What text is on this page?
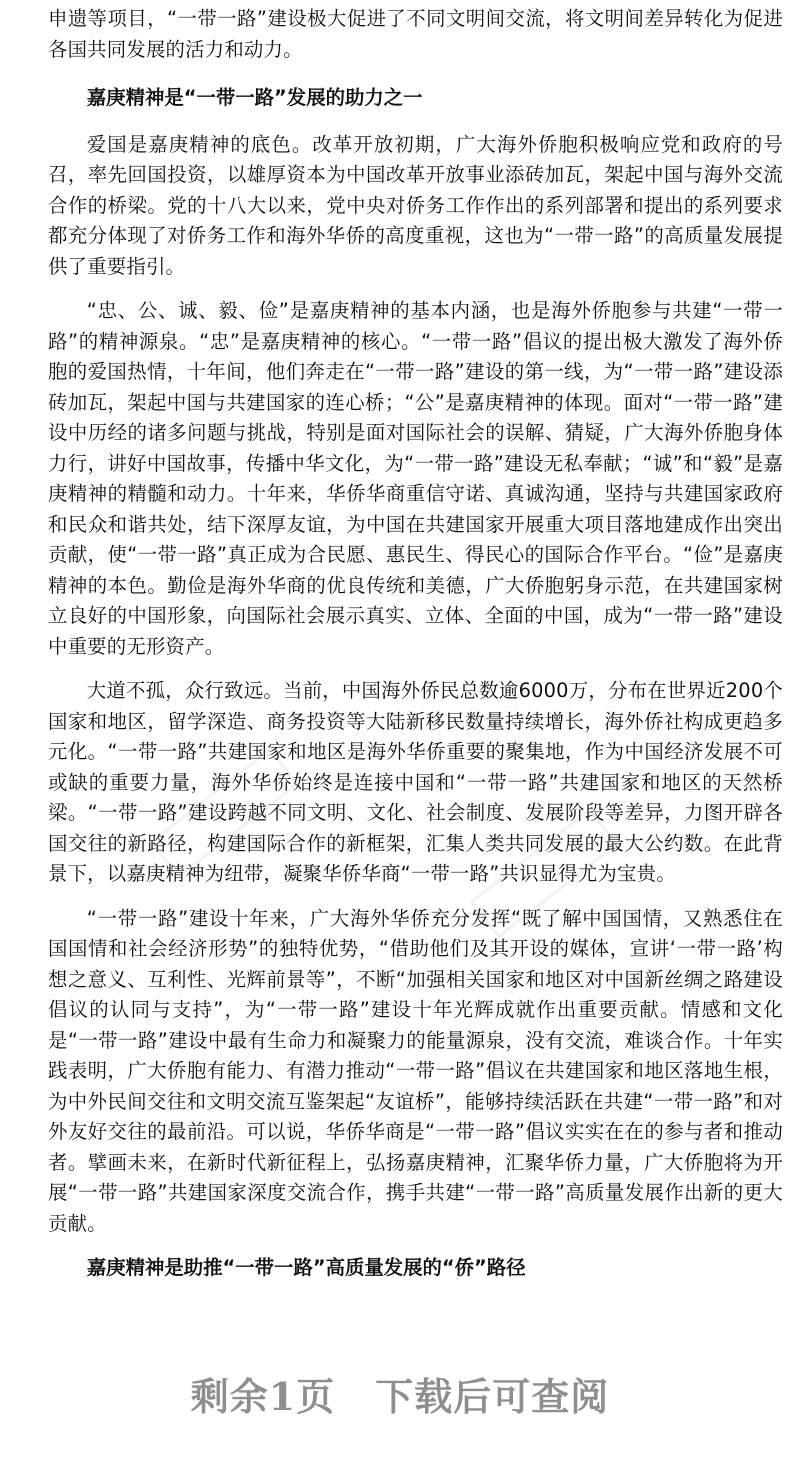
申遗等项目，“一带一路”建设极大促进了不同文明间交流，将文明间差异转化为促进各国共同发展的活力和动力。

嘉庚精神是“一带一路”发展的助力之一

爱国是嘉庚精神的底色。改革开放初期，广大海外侨胞积极响应党和政府的号召，率先回国投资，以雄厚资本为中国改革开放事业添砖加瓦，架起中国与海外交流合作的桥梁。党的十八大以来，党中央对侨务工作作出的系列部署和提出的系列要求都充分体现了对侨务工作和海外华侨的高度重视，这也为“一带一路”的高质量发展提供了重要指引。

“忠、公、诚、毅、俭”是嘉庚精神的基本内涵，也是海外侨胞参与共建“一带一路”的精神源泉。“忠”是嘉庚精神的核心。“一带一路”倡议的提出极大激发了海外侨胞的爱国热情，十年间，他们奔走在“一带一路”建设的第一线，为“一带一路”建设添砖加瓦，架起中国与共建国家的连心桥；“公”是嘉庚精神的体现。面对“一带一路”建设中历经的诸多问题与挑战，特别是面对国际社会的误解、猜疑，广大海外侨胞身体力行，讲好中国故事，传播中华文化，为“一带一路”建设无私奉献；“诚”和“毅”是嘉庚精神的精髓和动力。十年来，华侨华商重信守诺、真诚沟通，坚持与共建国家政府和民众和谐共处，结下深厚友谊，为中国在共建国家开展重大项目落地建成作出突出贡献，使“一带一路”真正成为合民愿、惠民生、得民心的国际合作平台。“俭”是嘉庚精神的本色。勤俭是海外华商的优良传统和美德，广大侨胞躬身示范，在共建国家树立良好的中国形象，向国际社会展示真实、立体、全面的中国，成为“一带一路”建设中重要的无形资产。

大道不孤，众行致远。当前，中国海外侨民总数逾6000万，分布在世界近200个国家和地区，留学深造、商务投资等大陆新移民数量持续增长，海外侨社构成更趋多元化。“一带一路”共建国家和地区是海外华侨重要的聚集地，作为中国经济发展不可或缺的重要力量，海外华侨始终是连接中国和“一带一路”共建国家和地区的天然桥梁。“一带一路”建设跨越不同文明、文化、社会制度、发展阶段等差异，力图开辟各国交往的新路径，构建国际合作的新框架，汇集人类共同发展的最大公约数。在此背景下，以嘉庚精神为纽带，凝聚华侨华商“一带一路”共识显得尤为宝贵。

“一带一路”建设十年来，广大海外华侨充分发挥“既了解中国国情，又熟悉住在国国情和社会经济形势”的独特优势，“借助他们及其开设的媒体，宣讲‘一带一路’构想之意义、互利性、光辉前景等”，不断“加强相关国家和地区对中国新丝绸之路建设倡议的认同与支持”，为“一带一路”建设十年光辉成就作出重要贡献。情感和文化是“一带一路”建设中最有生命力和凝聚力的能量源泉，没有交流，难谈合作。十年实践表明，广大侨胞有能力、有潜力推动“一带一路”倡议在共建国家和地区落地生根，为中外民间交往和文明交流互鉴架起“友谊桥”，能够持续活跃在共建“一带一路”和对外友好交往的最前沿。可以说，华侨华商是“一带一路”倡议实实在在的参与者和推动者。擘画未来，在新时代新征程上，弘扬嘉庚精神，汇聚华侨力量，广大侨胞将为开展“一带一路”共建国家深度交流合作，携手共建“一带一路”高质量发展作出新的更大贡献。

嘉庚精神是助推“一带一路”高质量发展的“侨”路径

剩余1页 下载后可查阅
